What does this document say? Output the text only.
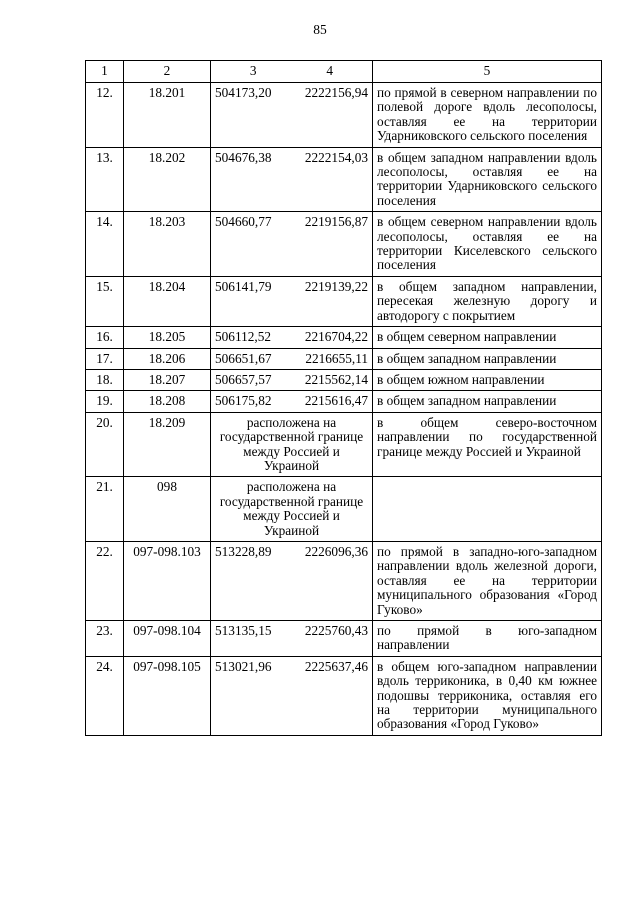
85
1	2	3 4	5
12.	18.201	504173,20 2222156,94	по прямой в северном направлении по полевой дороге вдоль лесополосы, оставляя ее на территории Ударниковского сельского поселения
13.	18.202	504676,38 2222154,03	в общем западном направлении вдоль лесополосы, оставляя ее на территории Ударниковского сельского поселения
14.	18.203	504660,77 2219156,87	в общем северном направлении вдоль лесополосы, оставляя ее на территории Киселевского сельского поселения
15.	18.204	506141,79 2219139,22	в общем западном направлении, пересекая железную дорогу и автодорогу с покрытием
16.	18.205	506112,52 2216704,22	в общем северном направлении
17.	18.206	506651,67 2216655,11	в общем западном направлении
18.	18.207	506657,57 2215562,14	в общем южном направлении
19.	18.208	506175,82 2215616,47	в общем западном направлении
20.	18.209	расположена на государственной границе между Россией и Украиной	в общем северо-восточном направлении по государственной границе между Россией и Украиной
21.	098	расположена на государственной границе между Россией и Украиной	
22.	097-098.103	513228,89 2226096,36	по прямой в западно-юго-западном направлении вдоль железной дороги, оставляя ее на территории муниципального образования «Город Гуково»
23.	097-098.104	513135,15 2225760,43	по прямой в юго-западном направлении
24.	097-098.105	513021,96 2225637,46	в общем юго-западном направлении вдоль терриконика, в 0,40 км южнее подошвы терриконика, оставляя его на территории муниципального образования «Город Гуково»
